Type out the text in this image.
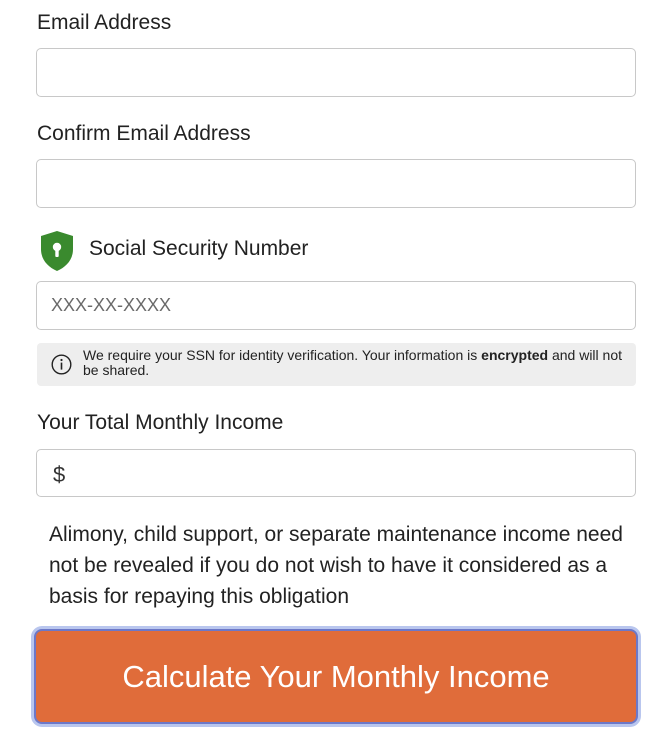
Email Address
Confirm Email Address
Social Security Number
XXX-XX-XXXX
We require your SSN for identity verification. Your information is encrypted and will not be shared.
Your Total Monthly Income
$

Alimony, child support, or separate maintenance income need not be revealed if you do not wish to have it considered as a basis for repaying this obligation

Calculate Your Monthly Income
